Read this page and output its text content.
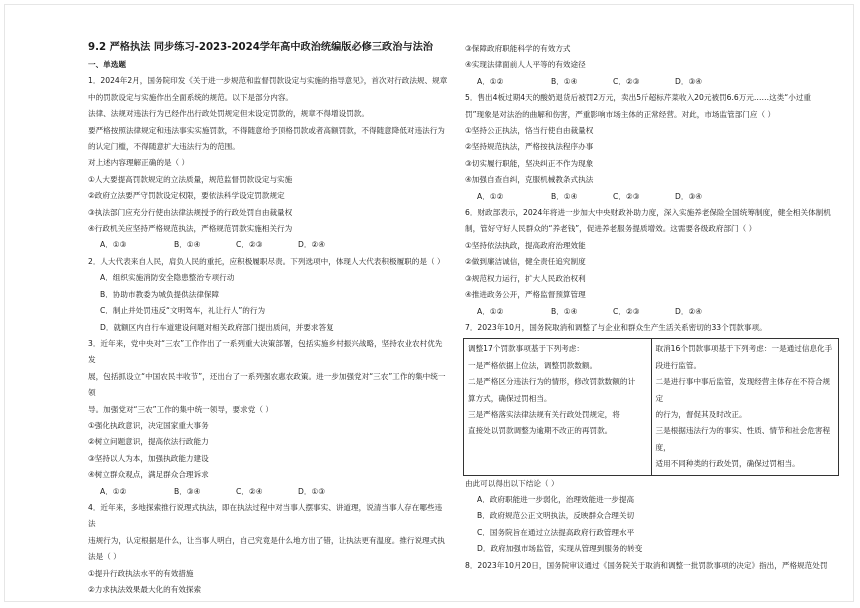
9.2 严格执法 同步练习-2023-2024学年高中政治统编版必修三政治与法治
一、单选题

1．2024年2月，国务院印发《关于进一步规范和监督罚款设定与实施的指导意见》，首次对行政法规、规章

中的罚款设定与实施作出全面系统的规范。以下是部分内容。

法律、法规对违法行为已经作出行政处罚规定但未设定罚款的，规章不得增设罚款。

要严格按照法律规定和违法事实实施罚款，不得随意给予顶格罚款或者高额罚款，不得随意降低对违法行为

的认定门槛，不得随意扩大违法行为的范围。

对上述内容理解正确的是（ ）

①人大要提高罚款规定的立法质量，规范监督罚款设定与实施

②政府立法要严守罚款设定权限，要依法科学设定罚款规定

③执法部门应充分行使由法律法规授予的行政处罚自由裁量权

④行政机关应坚持严格规范执法，严格规范罚款实施相关行为

A．①③	B．①④	C．②③	D．②④

2．人大代表来自人民，肩负人民的重托，应积极履职尽责。下列选项中，体现人大代表积极履职的是（ ）

A．组织实施消防安全隐患整治专项行动

B．协助市教委为城负提供法律保障

C．制止并处罚违反“文明驾车，礼让行人”的行为

D．就额区内自行车道建设问题对相关政府部门提出质问，并要求答复

3．近年来，党中央对“三农”工作作出了一系列重大决策部署，包括实施乡村振兴战略，坚持农业农村优先发

展，包括抓设立“中国农民丰收节”，还出台了一系列强农惠农政策。进一步加强党对“三农”工作的集中统一领

导。加强党对“三农”工作的集中统一领导，要求党（ ）

①强化执政意识，决定国家重大事务

②树立问题意识，提高依法行政能力

③坚持以人为本，加强执政能力建设

④树立群众观点，满足群众合理诉求

A．①②	B．③④	C．②④	D．①③

4．近年来，多地探索推行说理式执法，即在执法过程中对当事人摆事实、讲道理，说清当事人存在哪些违法

违规行为，认定根据是什么，让当事人明白，自己究竟是什么地方出了错，让执法更有温度。推行说理式执

法是（ ）

①提升行政执法水平的有效措施

②力求执法效果最大化的有效探索

③保障政府职能科学的有效方式

④实现法律面前人人平等的有效途径

A．①②	B．①④	C．②③	D．③④

5．售出4板过期4天的酸奶退货后被罚2万元，卖出5斤超标芹菜收入20元被罚6.6万元……这类“小过重

罚”现象是对法治的曲解和伤害，严重影响市场主体的正常经营。对此，市场监管部门应（ ）

①坚持公正执法，恪当行使自由裁量权

②坚持规范执法，严格按执法程序办事

③切实履行职能，坚决纠正不作为现象

④加强自查自纠，克服机械教条式执法

A．①②	B．①④	C．②③	D．③④

6．财政部表示，2024年将进一步加大中央财政补助力度，深入实施养老保险全国统筹制度，健全相关体制机

制，管好守好人民群众的“养老钱”，促进养老服务提质增效。这需要各级政府部门（ ）

①坚持依法执政，提高政府治理效能

②做到廉洁诚信，健全责任追究制度

③规范权力运行，扩大人民政治权利

④推进政务公开，严格监督预算管理

A．①②	B．①④	C．②③	D．②④

7．2023年10月，国务院取消和调整了与企业和群众生产生活关系密切的33个罚款事项。

调整17个罚款事项基于下列考虑：

一是严格依据上位法，调整罚款数额。

二是严格区分违法行为的情形，修改罚款数额的计

算方式，确保过罚相当。

三是严格落实法律法规有关行政处罚规定，将

直接处以罚款调整为逾期不改正的再罚款。

取消16个罚款事项基于下列考虑：一是通过信息化手

段进行监管。

二是进行事中事后监管，发现经营主体存在不符合规定

的行为，督促其及时改正。

三是根据违法行为的事实、性质、情节和社会危害程度，

适用不同种类的行政处罚，确保过罚相当。

由此可以得出以下结论（ ）

A．政府职能进一步弱化，治理效能进一步提高

B．政府规范公正文明执法，反映群众合理关切

C．国务院旨在通过立法提高政府行政管理水平

D．政府加强市场监管，实现从管理到服务的转变

8．2023年10月20日，国务院审议通过《国务院关于取消和调整一批罚款事项的决定》指出，严格规范处罚
